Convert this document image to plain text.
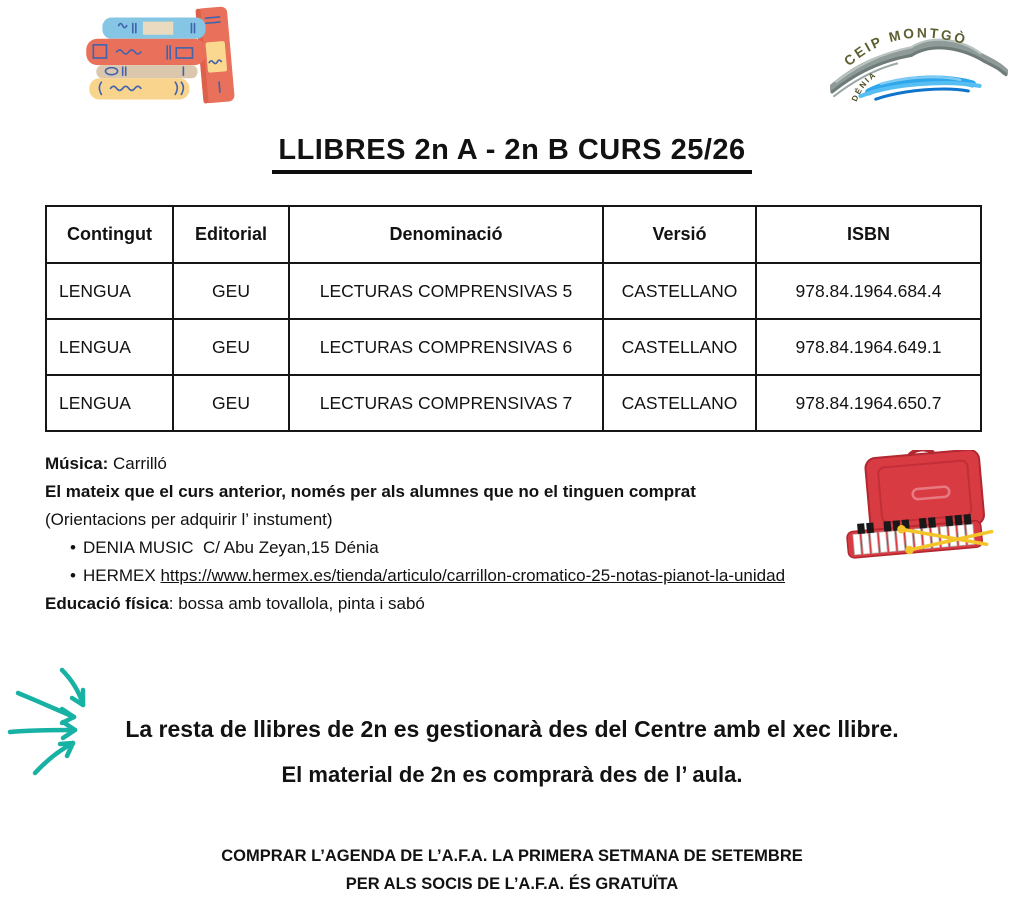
CEIP MONTGÒ
DÉNIA
LLIBRES 2n A - 2n B CURS 25/26
Contingut	Editorial	Denominació	Versió	ISBN
LENGUA	GEU	LECTURAS COMPRENSIVAS 5	CASTELLANO	978.84.1964.684.4
LENGUA	GEU	LECTURAS COMPRENSIVAS 6	CASTELLANO	978.84.1964.649.1
LENGUA	GEU	LECTURAS COMPRENSIVAS 7	CASTELLANO	978.84.1964.650.7

Música: Carrilló

El mateix que el curs anterior, només per als alumnes que no el tinguen comprat

(Orientacions per adquirir l’ instument)

• DENIA MUSIC  C/ Abu Zeyan,15 Dénia
• HERMEX https://www.hermex.es/tienda/articulo/carrillon-cromatico-25-notas-pianot-la-unidad

Educació física: bossa amb tovallola, pinta i sabó

La resta de llibres de 2n es gestionarà des del Centre amb el xec llibre.
El material de 2n es comprarà des de l’ aula.
COMPRAR L’AGENDA DE L’A.F.A. LA PRIMERA SETMANA DE SETEMBRE
PER ALS SOCIS DE L’A.F.A. ÉS GRATUÏTA
